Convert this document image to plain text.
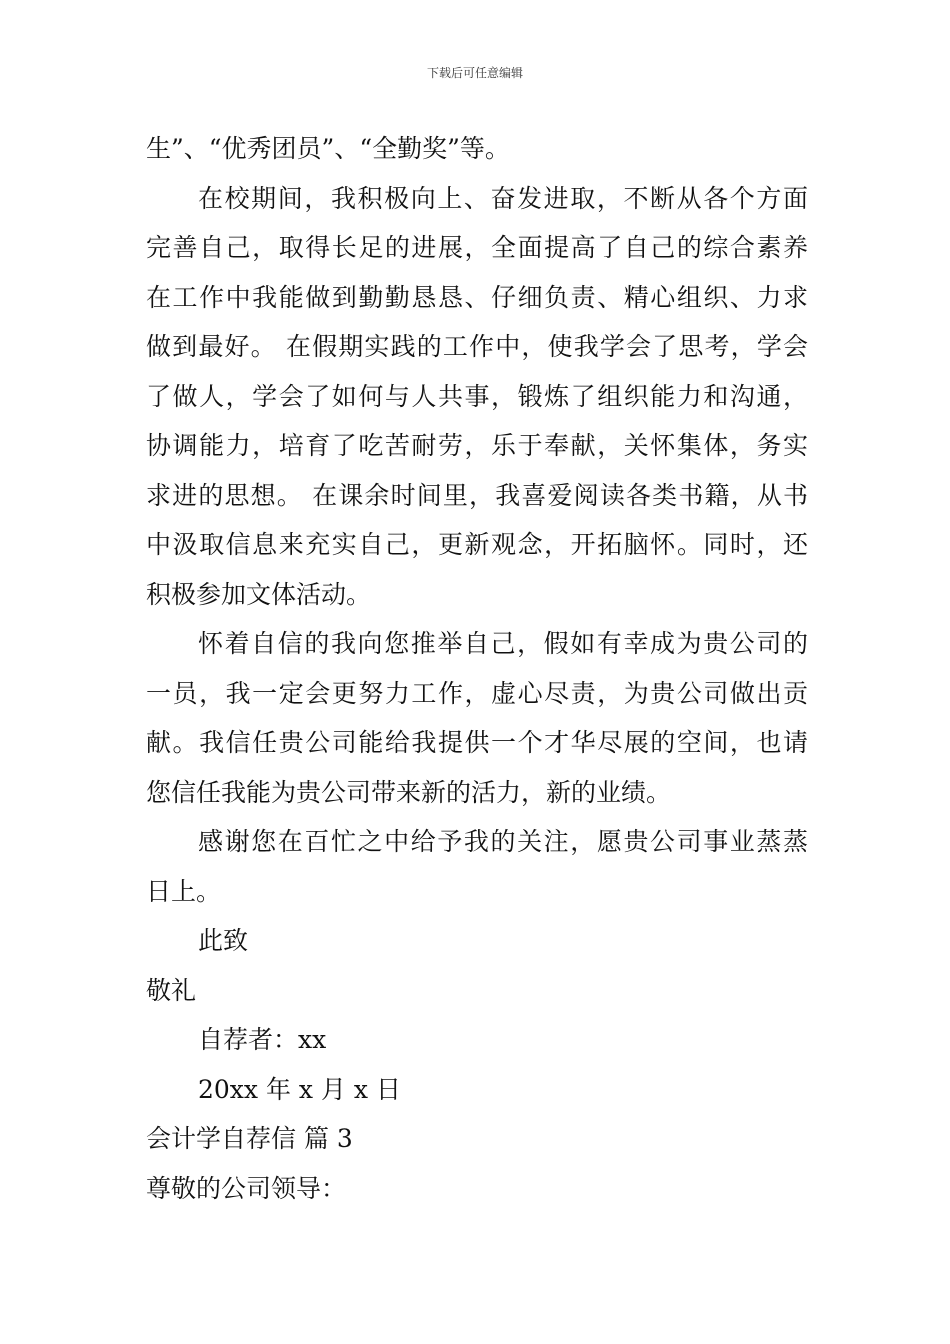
下载后可任意编辑
生”、“优秀团员”、“全勤奖”等。
在校期间，我积极向上、奋发进取，不断从各个方面
完善自己，取得长足的进展，全面提高了自己的综合素养
在工作中我能做到勤勤恳恳、仔细负责、精心组织、力求
做到最好。 在假期实践的工作中，使我学会了思考，学会
了做人，学会了如何与人共事，锻炼了组织能力和沟通，
协调能力，培育了吃苦耐劳，乐于奉献，关怀集体，务实
求进的思想。 在课余时间里，我喜爱阅读各类书籍，从书
中汲取信息来充实自己，更新观念，开拓脑怀。同时，还
积极参加文体活动。
怀着自信的我向您推举自己，假如有幸成为贵公司的
一员，我一定会更努力工作，虚心尽责，为贵公司做出贡
献。我信任贵公司能给我提供一个才华尽展的空间，也请
您信任我能为贵公司带来新的活力，新的业绩。
感谢您在百忙之中给予我的关注，愿贵公司事业蒸蒸
日上。
此致
敬礼
自荐者：xx
20xx 年 x 月 x 日
会计学自荐信 篇 3
尊敬的公司领导：
